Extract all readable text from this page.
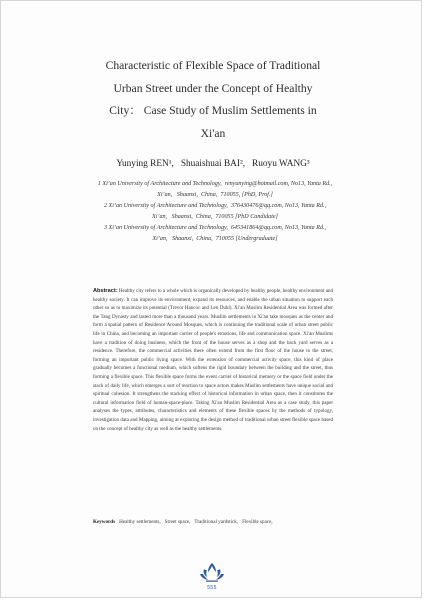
Characteristic of Flexible Space of Traditional
Urban Street under the Concept of Healthy
City： Case Study of Muslim Settlements in
Xi'an
Yunying REN¹,   Shuaishuai BAI²,   Ruoyu WANG³

1 Xi’an University of Architecture and Technology,  renyunying@hotmail.com, No13, Yanta Rd., Xi’an,   Shaanxi,  China,  710055, [PhD, Prof.]

2 Xi’an University of Architecture and Technology,  376430476@qq.com, No13, Yanta Rd., Xi’an,   Shaanxi,  China,  710055 [PhD Candidate]

3 Xi’an University of Architecture and Technology,  645341864@qq.com, No13, Yanta Rd., Xi’an,   Shaanxi,  China,  710055 [Undergraduate]

Abstract: Healthy city refers to a whole which is organically developed by healthy people, healthy environment and healthy society. It can improve its environment, expand its resources, and enable the urban situation to support each other so as to maximize its potential (Trevor Hancoc and Len Duhl). Xi'an Muslim Residential Area was formed after the Tang Dynasty and lasted more than a thousand years. Muslim settlements in Xi'an take mosques as the center and form a spatial pattern of Residence Around Mosques, which is continuing the traditional scale of urban street public life in China, and becoming an important carrier of people's emotions, life and communication space. Xi'an Muslims have a tradition of doing business, which the front of the house serves as a shop and the back yard serves as a residence. Therefore, the commercial activities there often extend from the first floor of the house to the street, forming an important public living space. With the extension of commercial activity space, this kind of place gradually becomes a functional medium, which softens the rigid boundary between the building and the street, thus forming a flexible space. This flexible space forms the event carrier of historical memory or the space field under the stack of daily life, which emerges a sort of reaction to space actors makes Muslim settlements have unique social and spiritual cohesion. It strengthens the stacking effect of historical information in urban space, then it constitutes the cultural information field of human-space-place. Taking Xi'an Muslim Residential Area as a case study, this paper analyses the types, attributes, characteristics and elements of these flexible spaces by the methods of typology, investigation data and Mapping, aiming at exploring the design method of traditional urban street flexible space based on the concept of healthy city as well as the healthy settlements.
Keywords Healthy settlements, Street space, Traditional yardstick, Flexible space,
555
